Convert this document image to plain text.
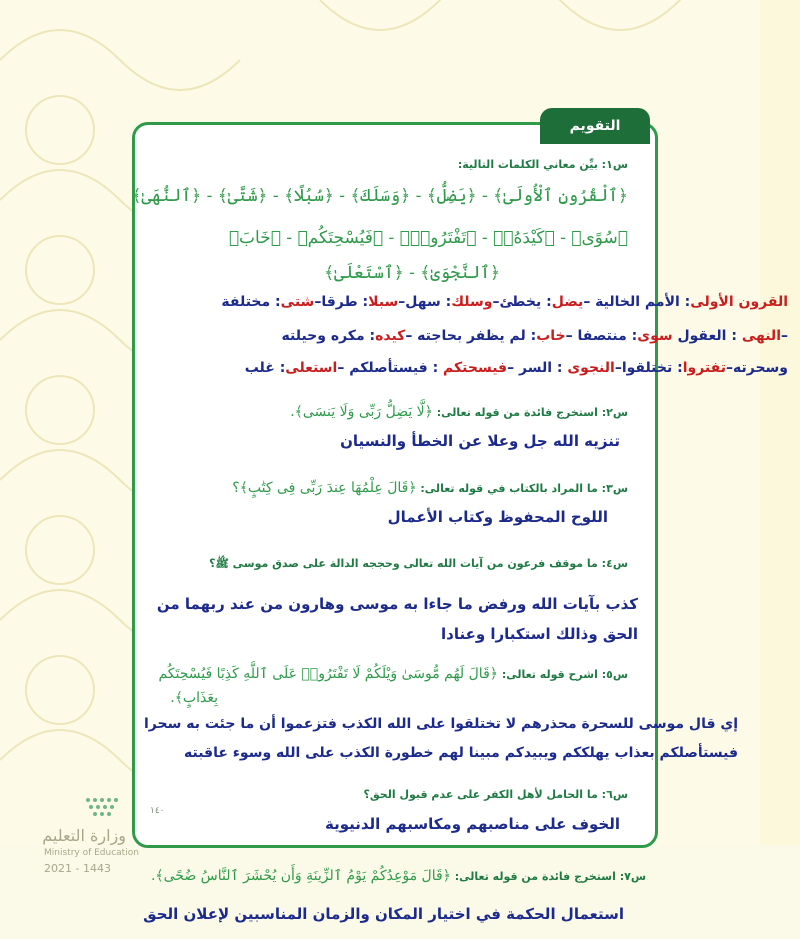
التقويم
س١: بيِّن معاني الكلمات التالية:
﴿ٱلْقُرُونِ ٱلْأُولَىٰ﴾ - ﴿يَضِلُّ﴾ - ﴿وَسَلَكَ﴾ - ﴿سُبُلًا﴾ - ﴿شَتَّىٰ﴾ - ﴿ٱلنُّهَىٰ﴾
﴿سُوًى﴾ - ﴿كَيْدَهُۥ﴾ - ﴿تَفْتَرُوا۟﴾ - ﴿فَيُسْحِتَكُم﴾ - ﴿خَابَ﴾
﴿ٱلنَّجْوَىٰ﴾ - ﴿ٱسْتَعْلَىٰ﴾
القرون الأولى: الأمم الخالية –يضل: يخطئ–وسلك: سهل–سبلا: طرقا–شتى: مختلفة
–النهى : العقول سوى: منتصفا –خاب: لم يظفر بحاجته –كيده: مكره وحيلته
وسحرته–تفتروا: تختلقوا–النجوى : السر –فيسحتكم : فيستأصلكم –استعلى: غلب
س٢: استخرج فائدة من قوله تعالى: ﴿لَّا يَضِلُّ رَبِّى وَلَا يَنسَى﴾.
تنزيه الله جل وعلا عن الخطأ والنسيان
س٣: ما المراد بالكتاب في قوله تعالى: ﴿قَالَ عِلْمُهَا عِندَ رَبِّى فِى كِتَٰبٍ﴾؟
اللوح المحفوظ وكتاب الأعمال
س٤: ما موقف فرعون من آيات الله تعالى وحججه الدالة على صدق موسى ﷺ؟
كذب بآيات الله ورفض ما جاءا به موسى وهارون من عند ربهما من
الحق وذالك استكبارا وعنادا
س٥: اشرح قوله تعالى: ﴿قَالَ لَهُم مُّوسَىٰ وَيْلَكُمْ لَا تَفْتَرُوا۟ عَلَى ٱللَّهِ كَذِبًا فَيُسْحِتَكُم
بِعَذَابٍ﴾.
إي قال موسى للسحرة محذرهم لا تختلقوا على الله الكذب فتزعموا أن ما جئت به سحرا
فيستأصلكم بعذاب يهلككم ويبيدكم مبينا لهم خطورة الكذب على الله وسوء عاقبته
س٦: ما الحامل لأهل الكفر على عدم قبول الحق؟
١٤٠
الخوف على مناصبهم ومكاسبهم الدنيوية
س٧: استخرج فائدة من قوله تعالى: ﴿قَالَ مَوْعِدُكُمْ يَوْمُ ٱلزِّينَةِ وَأَن يُحْشَرَ ٱلنَّاسُ ضُحًى﴾.
استعمال الحكمة في اختيار المكان والزمان المناسبين لإعلان الحق
وزارة التعليم
Ministry of Education
2021 - 1443
